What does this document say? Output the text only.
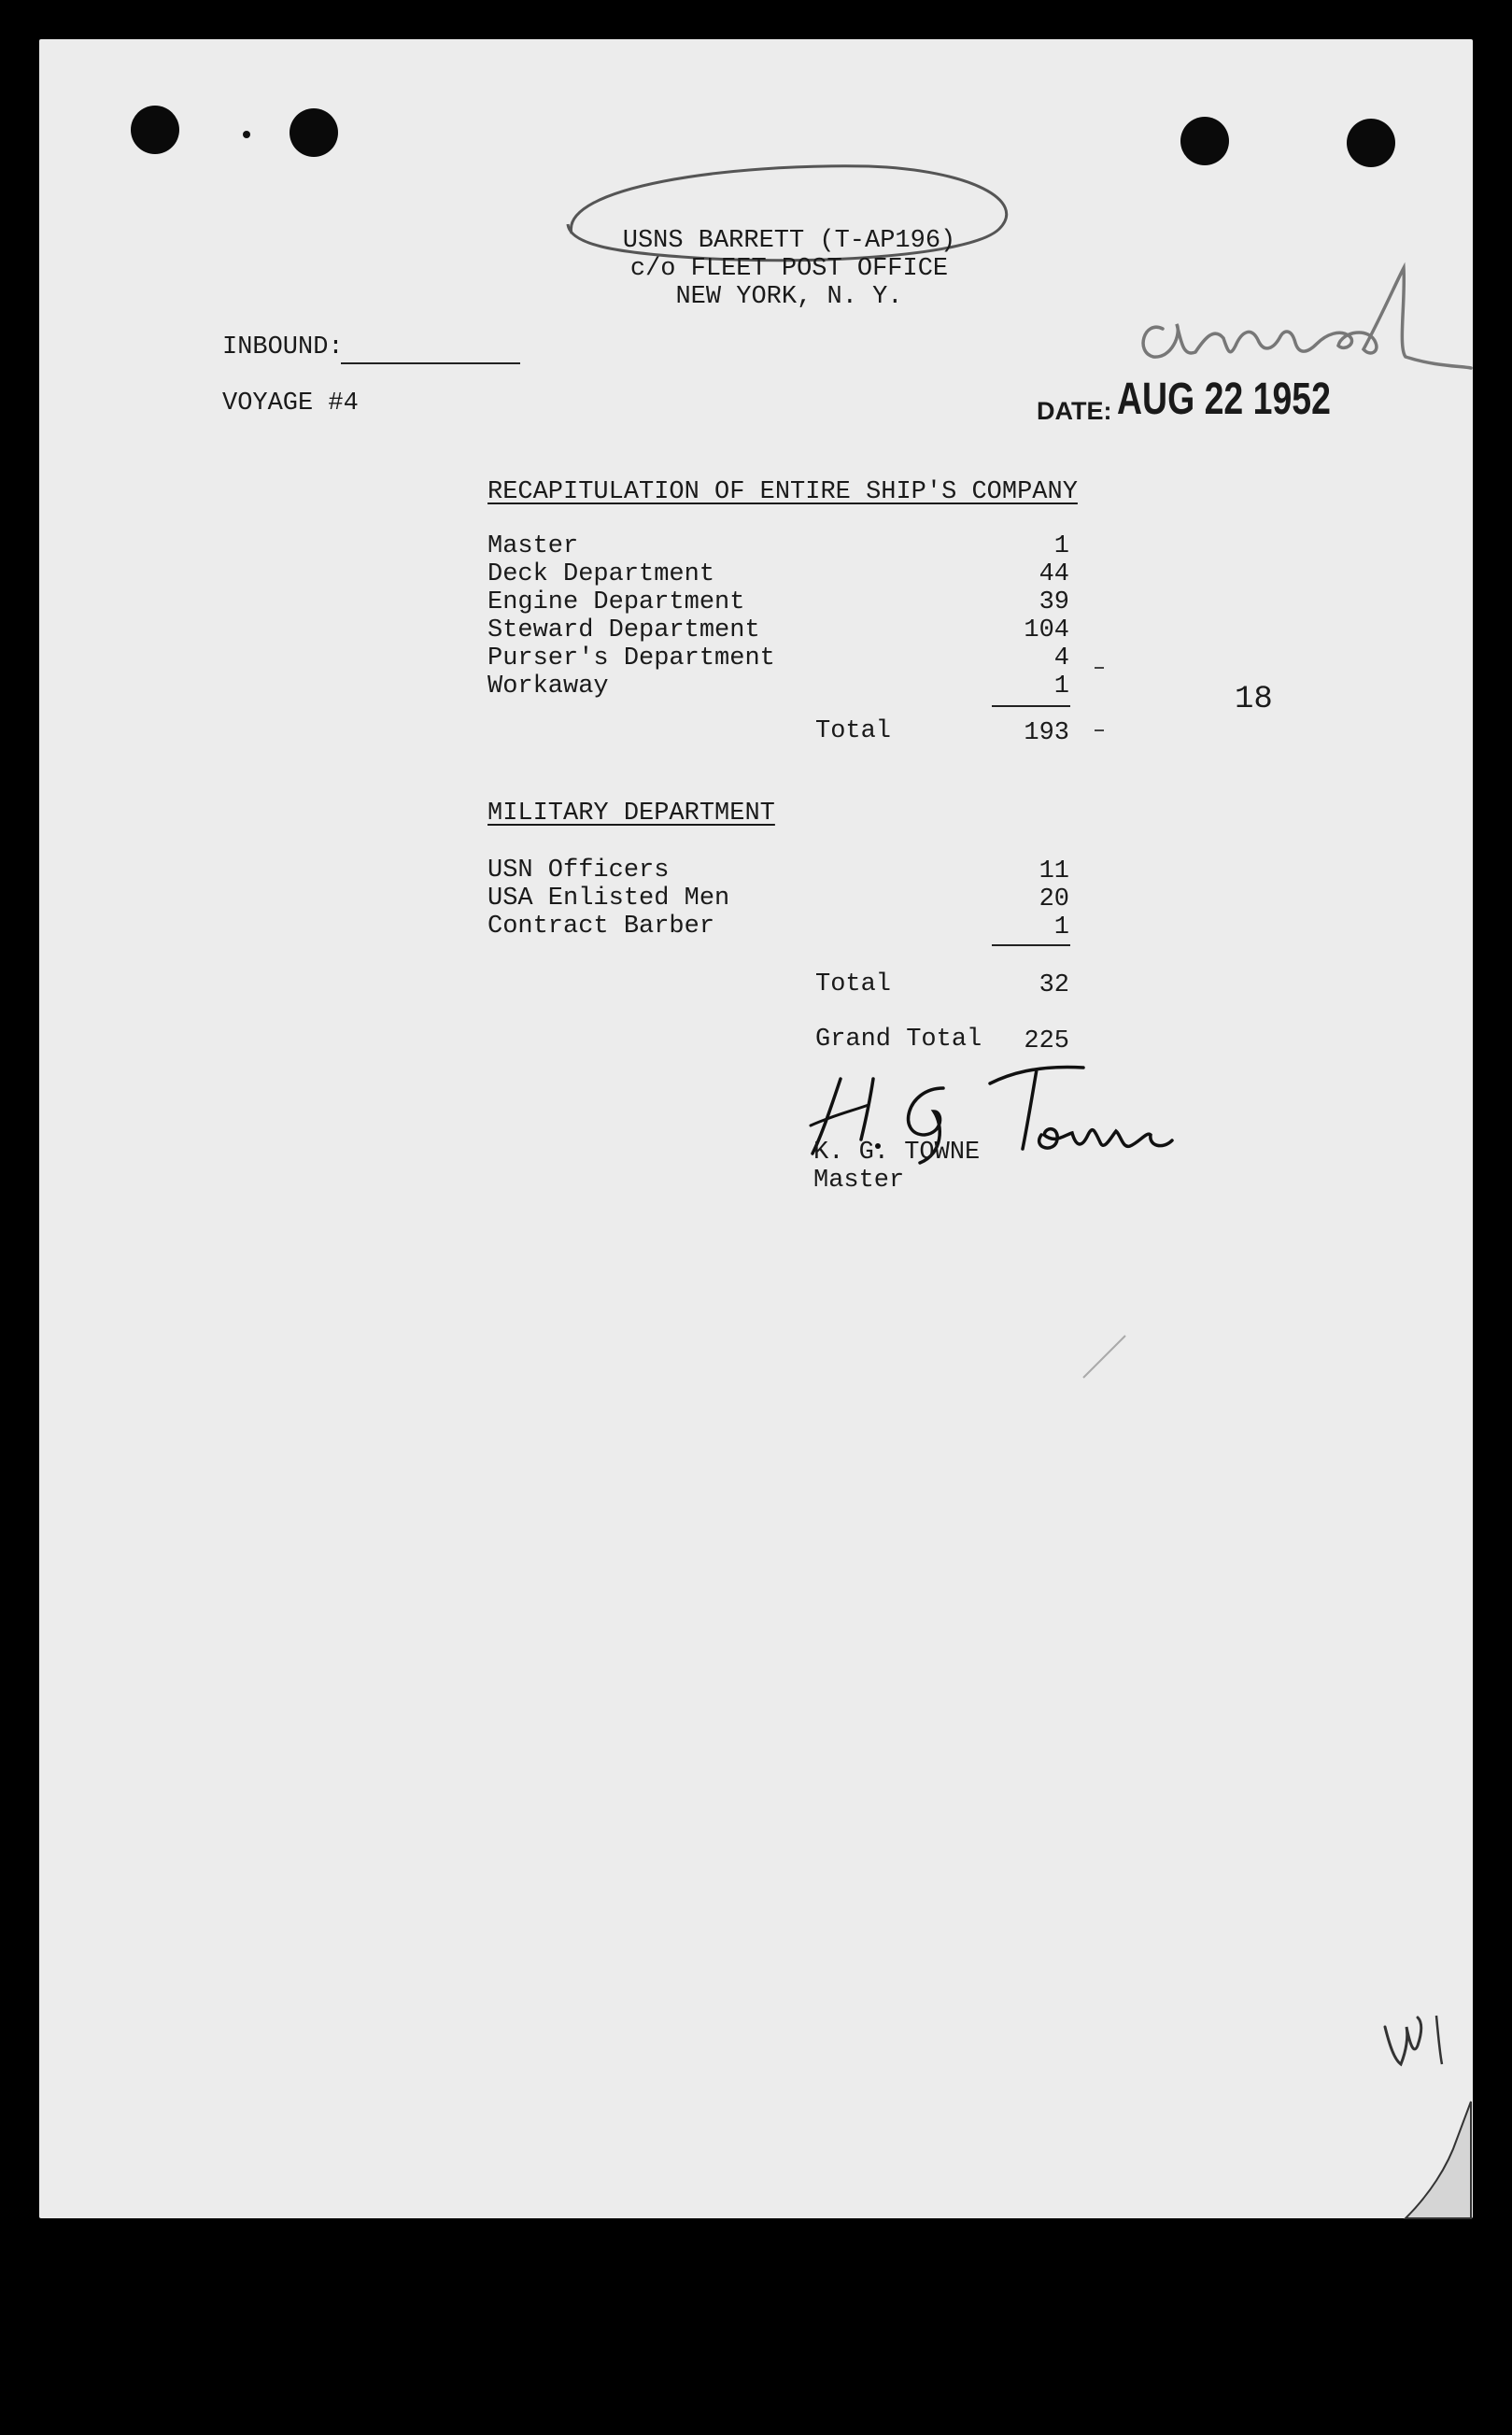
USNS BARRETT (T-AP196)
c/o FLEET POST OFFICE
NEW YORK, N. Y.
INBOUND:
VOYAGE #4	DATE: AUG 22 1952
RECAPITULATION OF ENTIRE SHIP'S COMPANY
Master	1
Deck Department	44
Engine Department	39
Steward Department	104
Purser's Department	4
Workaway	1
Total	193
18
MILITARY DEPARTMENT
USN Officers	11
USA Enlisted Men	20
Contract Barber	1
Total	32
Grand Total	225
K. G. TOWNE
Master
